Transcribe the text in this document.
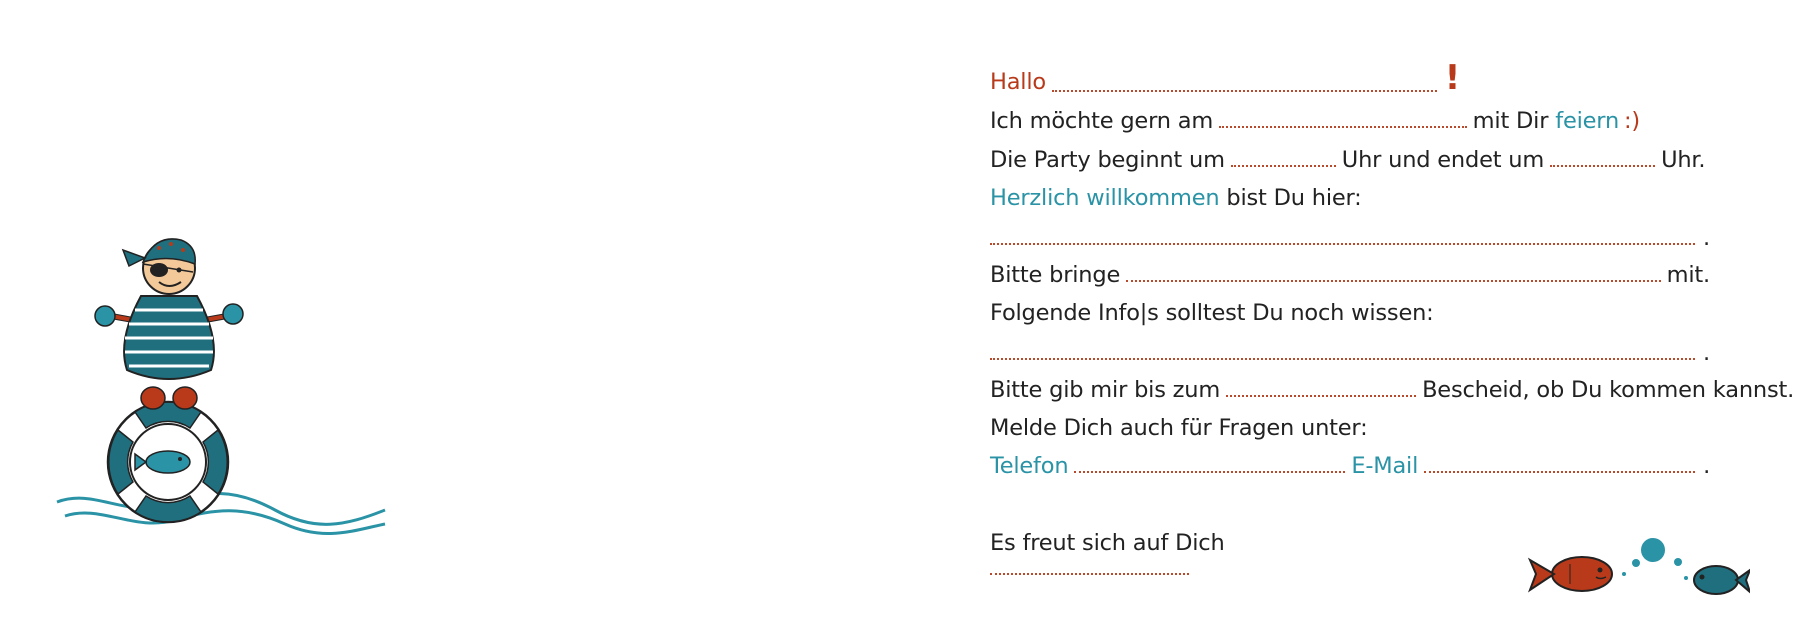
Hallo	!
Ich möchte gern am	mit Dir feiern :)
Die Party beginnt um	Uhr und endet um	Uhr.
Herzlich willkommen bist Du hier:
.
Bitte bringe	mit.
Folgende Info|s solltest Du noch wissen:
.
Bitte gib mir bis zum	Bescheid, ob Du kommen kannst.
Melde Dich auch für Fragen unter:
Telefon	E-Mail	.
Es freut sich auf Dich
